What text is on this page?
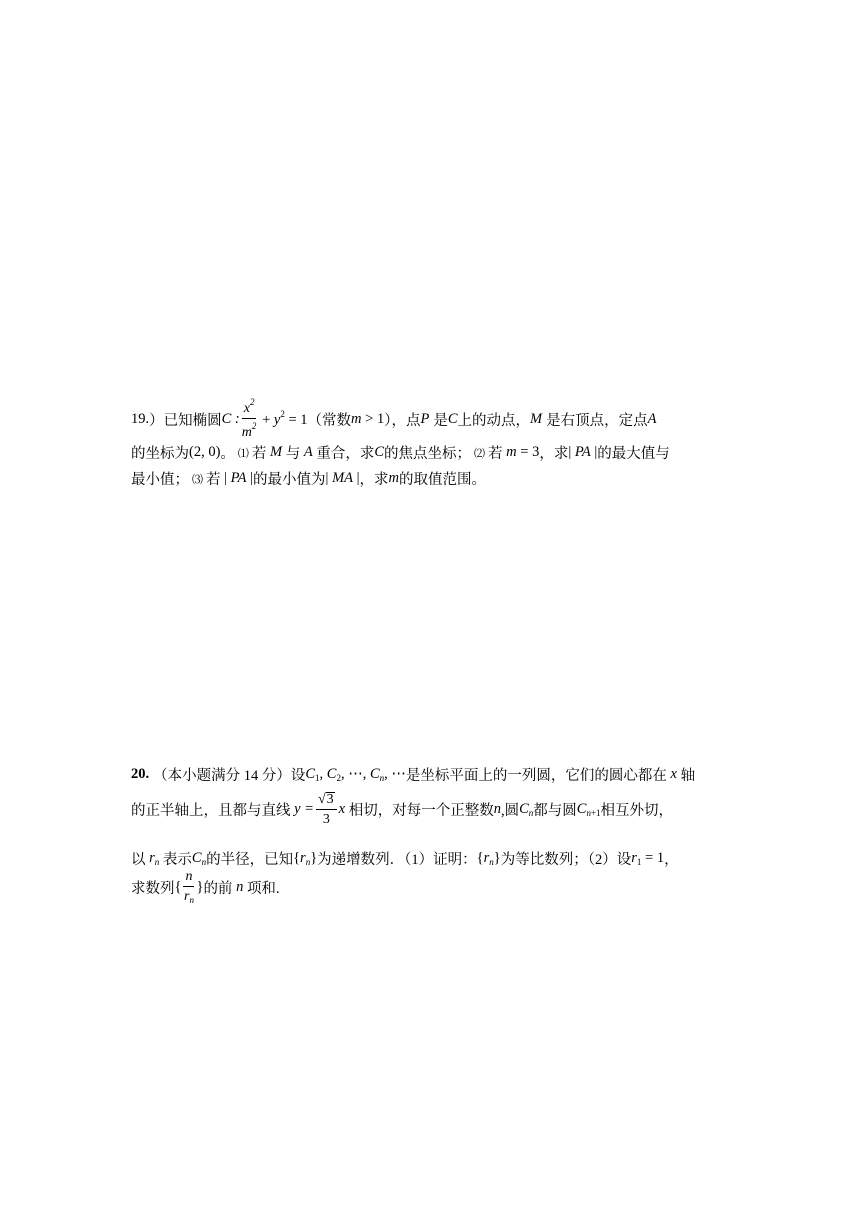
19. ）已知椭圆 C : $\frac{x^2}{m^2} + y^2 = 1$ （常数 m > 1 ），点 P 是 C 上的动点， M 是右顶点，定点 A
的坐标为 (2, 0) 。 ⑴ 若 M 与 A 重合，求 C 的焦点坐标； ⑵ 若 m = 3 ，求 | PA | 的最大值与
最小值； ⑶ 若 | PA | 的最小值为 | MA | ，求 m 的取值范围。
20. （本小题满分 14 分）设 $C_1$, $C_2$, ⋯, $C_n$, ⋯ 是坐标平面上的一列圆，它们的圆心都在 x 轴
的正半轴上，且都与直线 $y = \frac{√ 3}{3}$ x 相切，对每一个正整数 n ,圆 $C_n$ 都与圆 $C_{n+1}$ 相互外切，
以 $r_n$ 表示 $C_n$ 的半径，已知 $\{r_n\}$ 为递增数列．（1）证明： $\{r_n\}$ 为等比数列；（2）设 $r_1 = 1$ ，
求数列 { $\frac{n}{r_n}$ } 的前 n 项和.
